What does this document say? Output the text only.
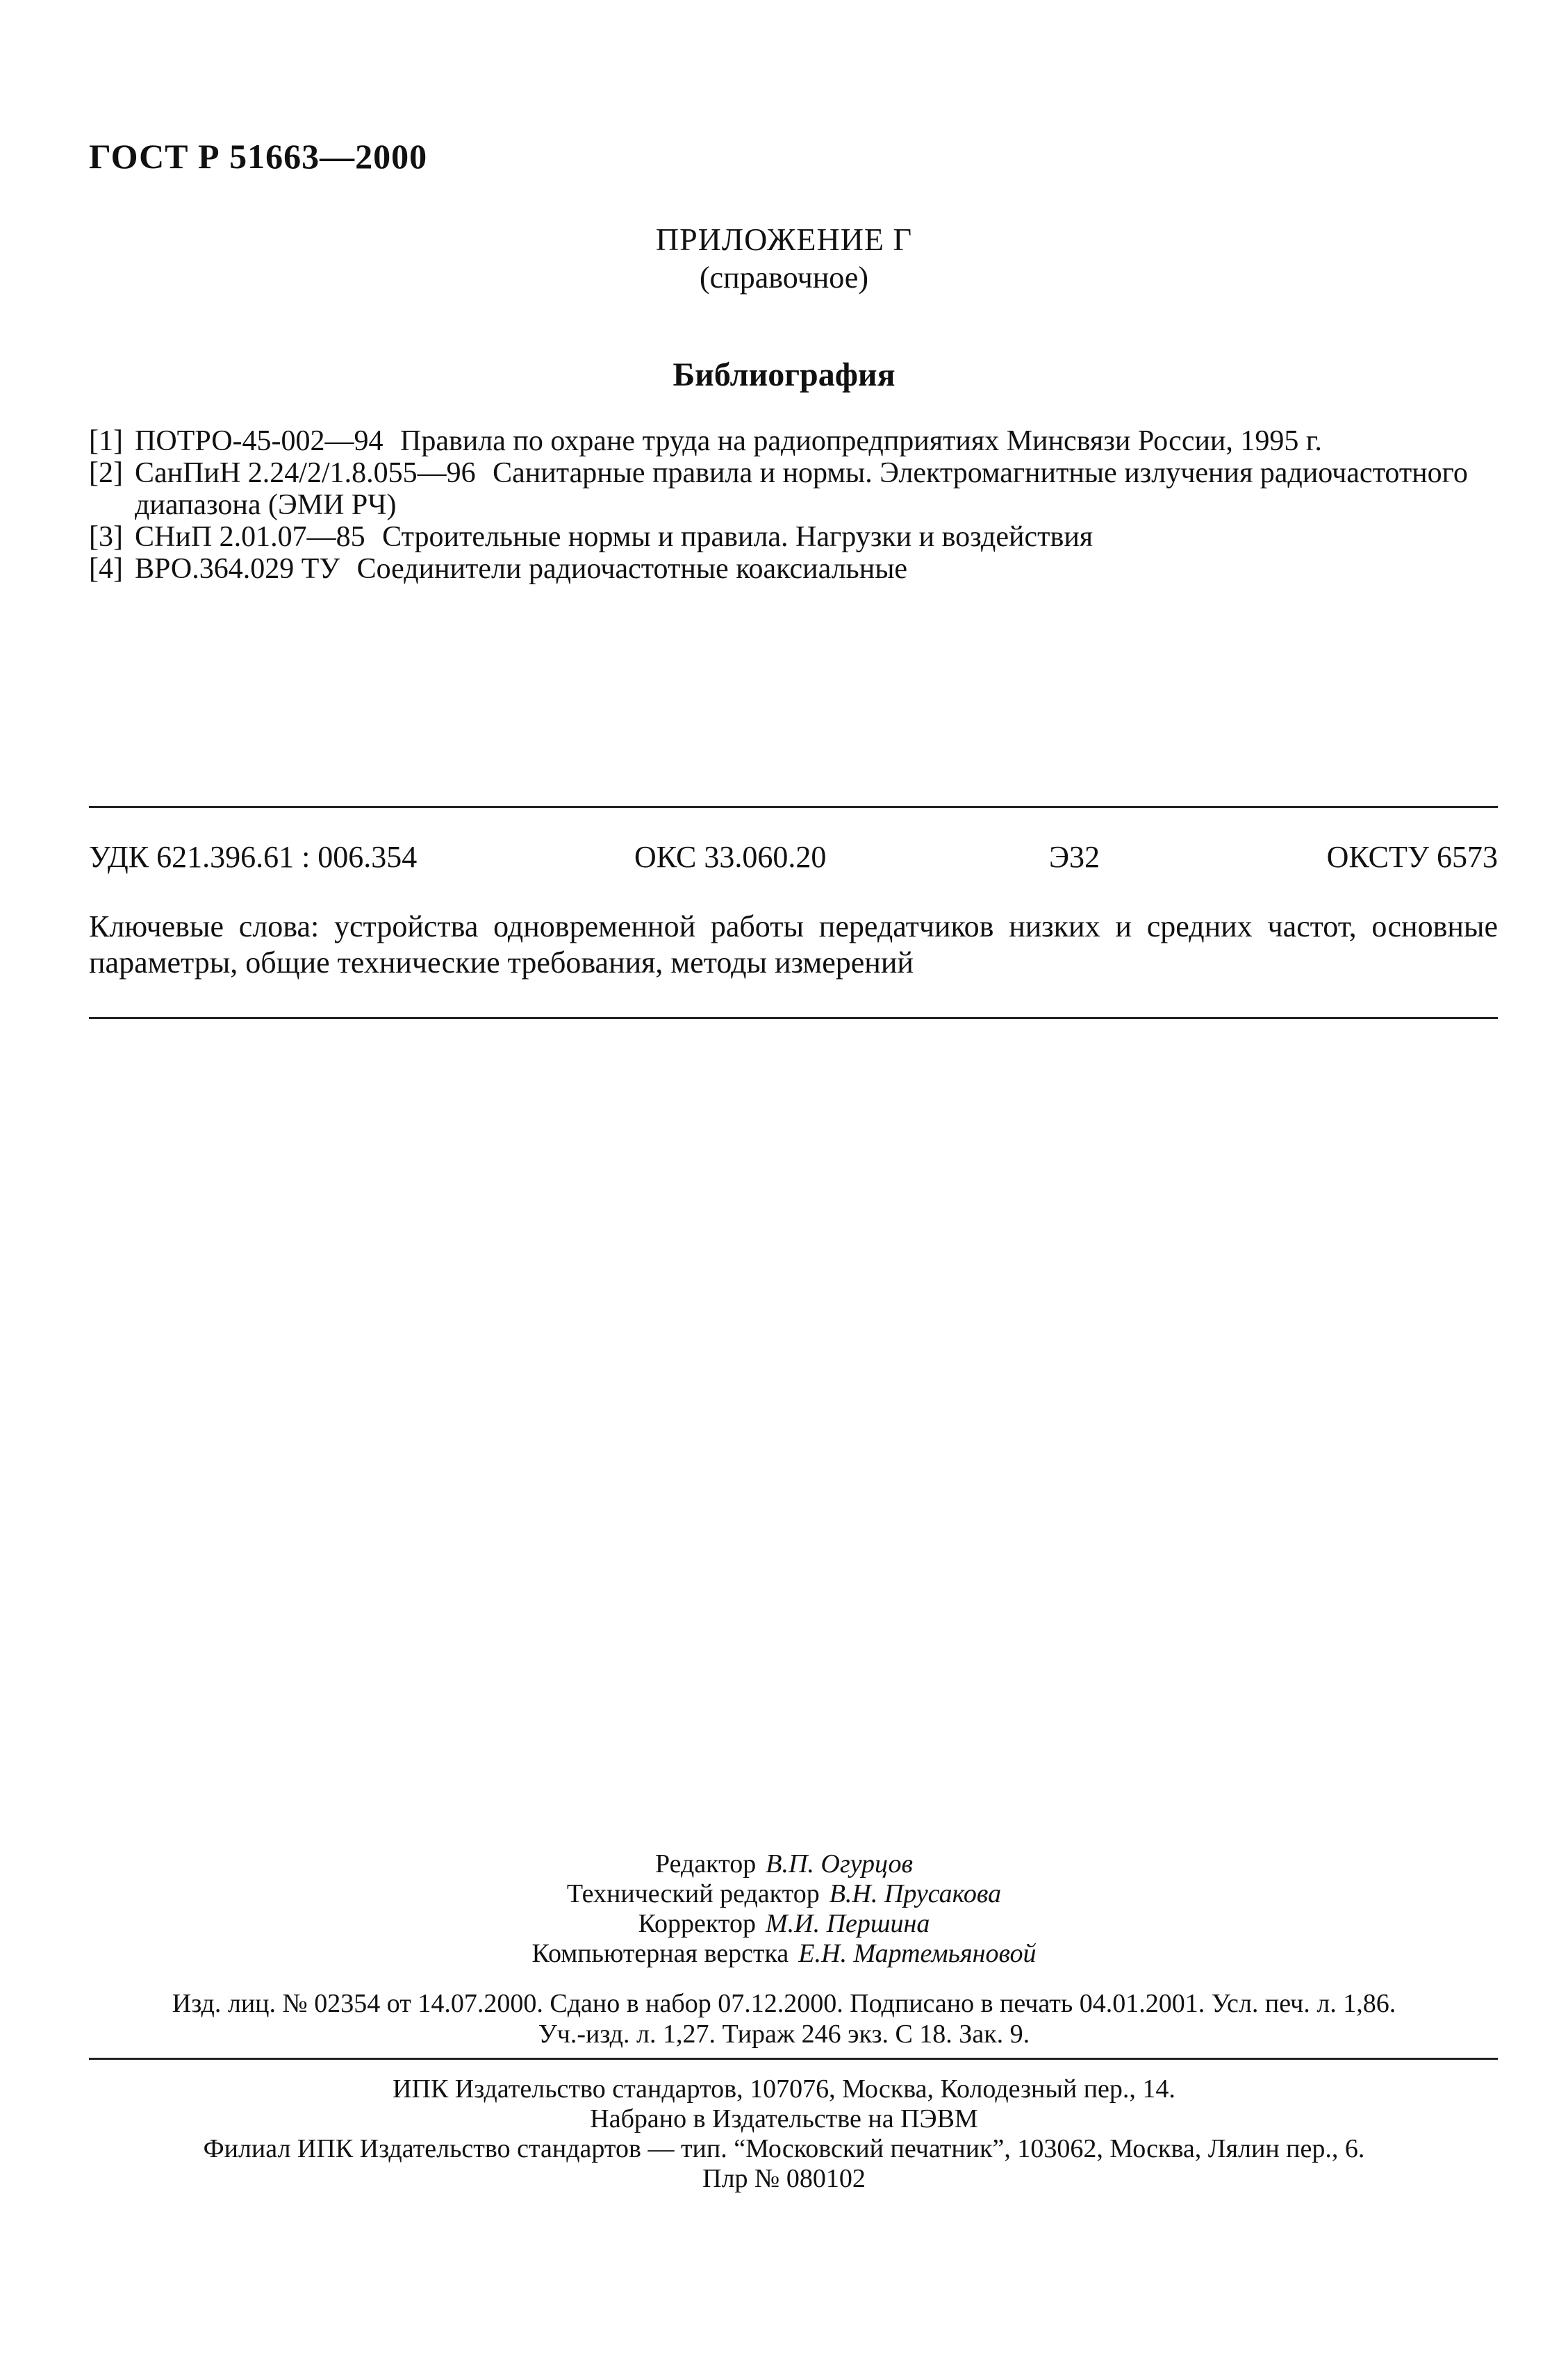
ГОСТ Р 51663—2000
ПРИЛОЖЕНИЕ Г
(справочное)
Библиография
[1] ПОТРО-45-002—94 Правила по охране труда на радиопредприятиях Минсвязи России, 1995 г.
[2] СанПиН 2.24/2/1.8.055—96 Санитарные правила и нормы. Электромагнитные излучения радиочастотного диапазона (ЭМИ РЧ)
[3] СНиП 2.01.07—85 Строительные нормы и правила. Нагрузки и воздействия
[4] ВРО.364.029 ТУ Соединители радиочастотные коаксиальные
УДК 621.396.61 : 006.354	ОКС 33.060.20	Э32	ОКСТУ 6573
Ключевые слова: устройства одновременной работы передатчиков низких и средних частот, основные параметры, общие технические требования, методы измерений
Редактор В.П. Огурцов
Технический редактор В.Н. Прусакова
Корректор М.И. Першина
Компьютерная верстка Е.Н. Мартемьяновой
Изд. лиц. № 02354 от 14.07.2000. Сдано в набор 07.12.2000. Подписано в печать 04.01.2001. Усл. печ. л. 1,86.
Уч.-изд. л. 1,27. Тираж 246 экз. С 18. Зак. 9.
ИПК Издательство стандартов, 107076, Москва, Колодезный пер., 14.
Набрано в Издательстве на ПЭВМ
Филиал ИПК Издательство стандартов — тип. “Московский печатник”, 103062, Москва, Лялин пер., 6.
Плр № 080102
